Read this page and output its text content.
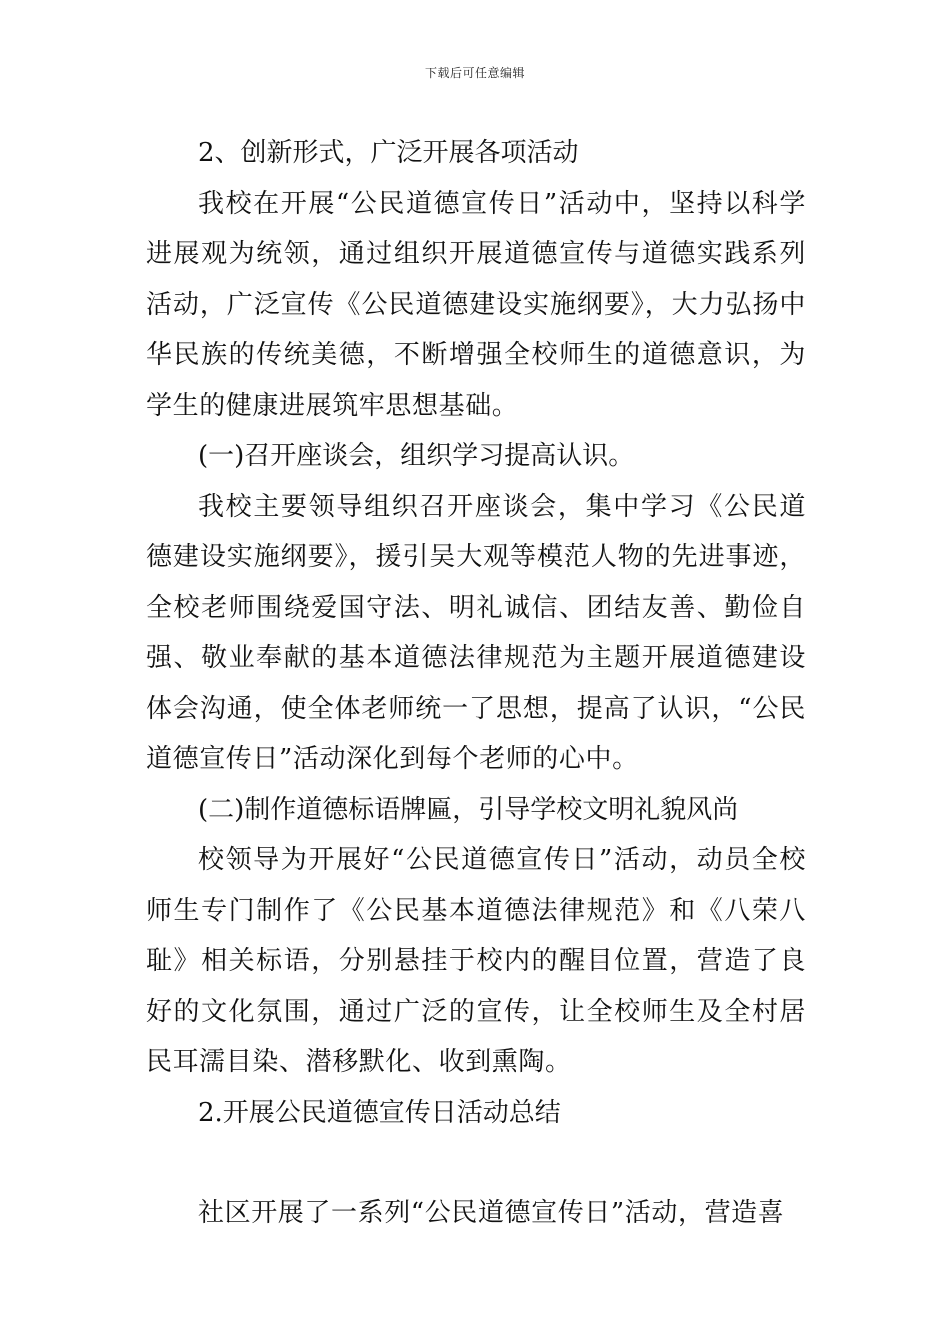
下载后可任意编辑

2、创新形式，广泛开展各项活动

我校在开展“公民道德宣传日”活动中，坚持以科学进展观为统领，通过组织开展道德宣传与道德实践系列活动，广泛宣传《公民道德建设实施纲要》，大力弘扬中华民族的传统美德，不断增强全校师生的道德意识，为学生的健康进展筑牢思想基础。

(一)召开座谈会，组织学习提高认识。

我校主要领导组织召开座谈会，集中学习《公民道德建设实施纲要》，援引吴大观等模范人物的先进事迹，全校老师围绕爱国守法、明礼诚信、团结友善、勤俭自强、敬业奉献的基本道德法律规范为主题开展道德建设体会沟通，使全体老师统一了思想，提高了认识，“公民道德宣传日”活动深化到每个老师的心中。

(二)制作道德标语牌匾，引导学校文明礼貌风尚

校领导为开展好“公民道德宣传日”活动，动员全校师生专门制作了《公民基本道德法律规范》和《八荣八耻》相关标语，分别悬挂于校内的醒目位置，营造了良好的文化氛围，通过广泛的宣传，让全校师生及全村居民耳濡目染、潜移默化、收到熏陶。

2.开展公民道德宣传日活动总结

社区开展了一系列“公民道德宣传日”活动，营造喜
